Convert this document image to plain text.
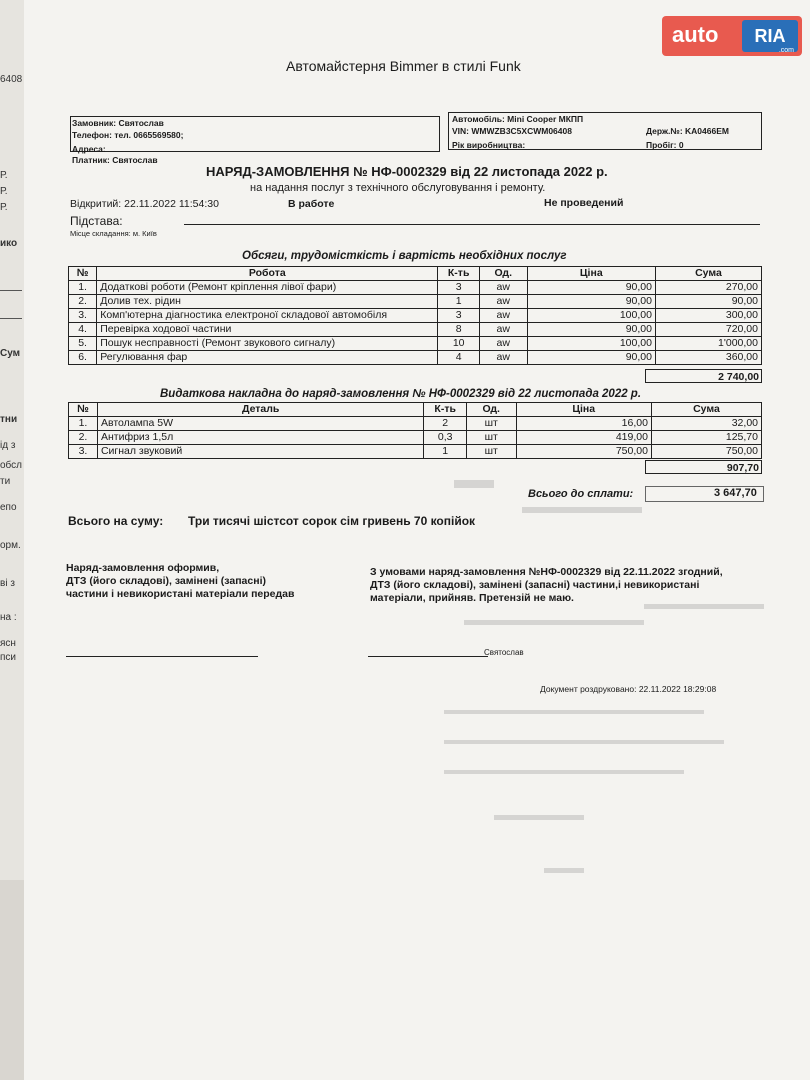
6408
Р.
Р.
Р.
ико
Сум
тни
ід з
обсл
ти
епо
орм.
ві з
на :
ясн
пси
Автомайстерня Bimmer в стилі Funk
Замовник: Святослав
Телефон: тел. 0665569580;
Адреса:
Платник: Святослав
Автомобіль: Mini Cooper МКПП
VIN: WMWZB3C5XCWM06408	Держ.№: KA0466EM
Рік виробництва:	Пробіг: 0
НАРЯД-ЗАМОВЛЕННЯ № НФ-0002329 від 22 листопада 2022 р.
на надання послуг з технічного обслуговування і ремонту.
Відкритий: 22.11.2022 11:54:30	В работе	Не проведений
Підстава:
Місце складання: м. Київ
Обсяги, трудомісткість і вартість необхідних послуг
№	Робота	К-ть	Од.	Ціна	Сума
1.	Додаткові роботи (Ремонт кріплення лівої фари)	3	aw	90,00	270,00
2.	Долив тех. рідин	1	aw	90,00	90,00
3.	Комп'ютерна діагностика електроної складової автомобіля	3	aw	100,00	300,00
4.	Перевірка ходової частини	8	aw	90,00	720,00
5.	Пошук несправності (Ремонт звукового сигналу)	10	aw	100,00	1'000,00
6.	Регулювання фар	4	aw	90,00	360,00
2 740,00
Видаткова накладна до наряд-замовлення № НФ-0002329 від 22 листопада 2022 р.
№	Деталь	К-ть	Од.	Ціна	Сума
1.	Автолампа 5W	2	шт	16,00	32,00
2.	Антифриз 1,5л	0,3	шт	419,00	125,70
3.	Сигнал звуковий	1	шт	750,00	750,00
907,70
Всього до сплати:	3 647,70
Всього на суму: Три тисячі шістсот сорок сім гривень 70 копійок
Наряд-замовлення оформив,
ДТЗ (його складові), замінені (запасні)
частини і невикористані матеріали передав
З умовами наряд-замовлення №НФ-0002329 від 22.11.2022 згодний,
ДТЗ (його складові), замінені (запасні) частини,і невикористані
матеріали, прийняв. Претензій не маю.
Святослав
Документ роздруковано: 22.11.2022 18:29:08
auto	RIA
.com
